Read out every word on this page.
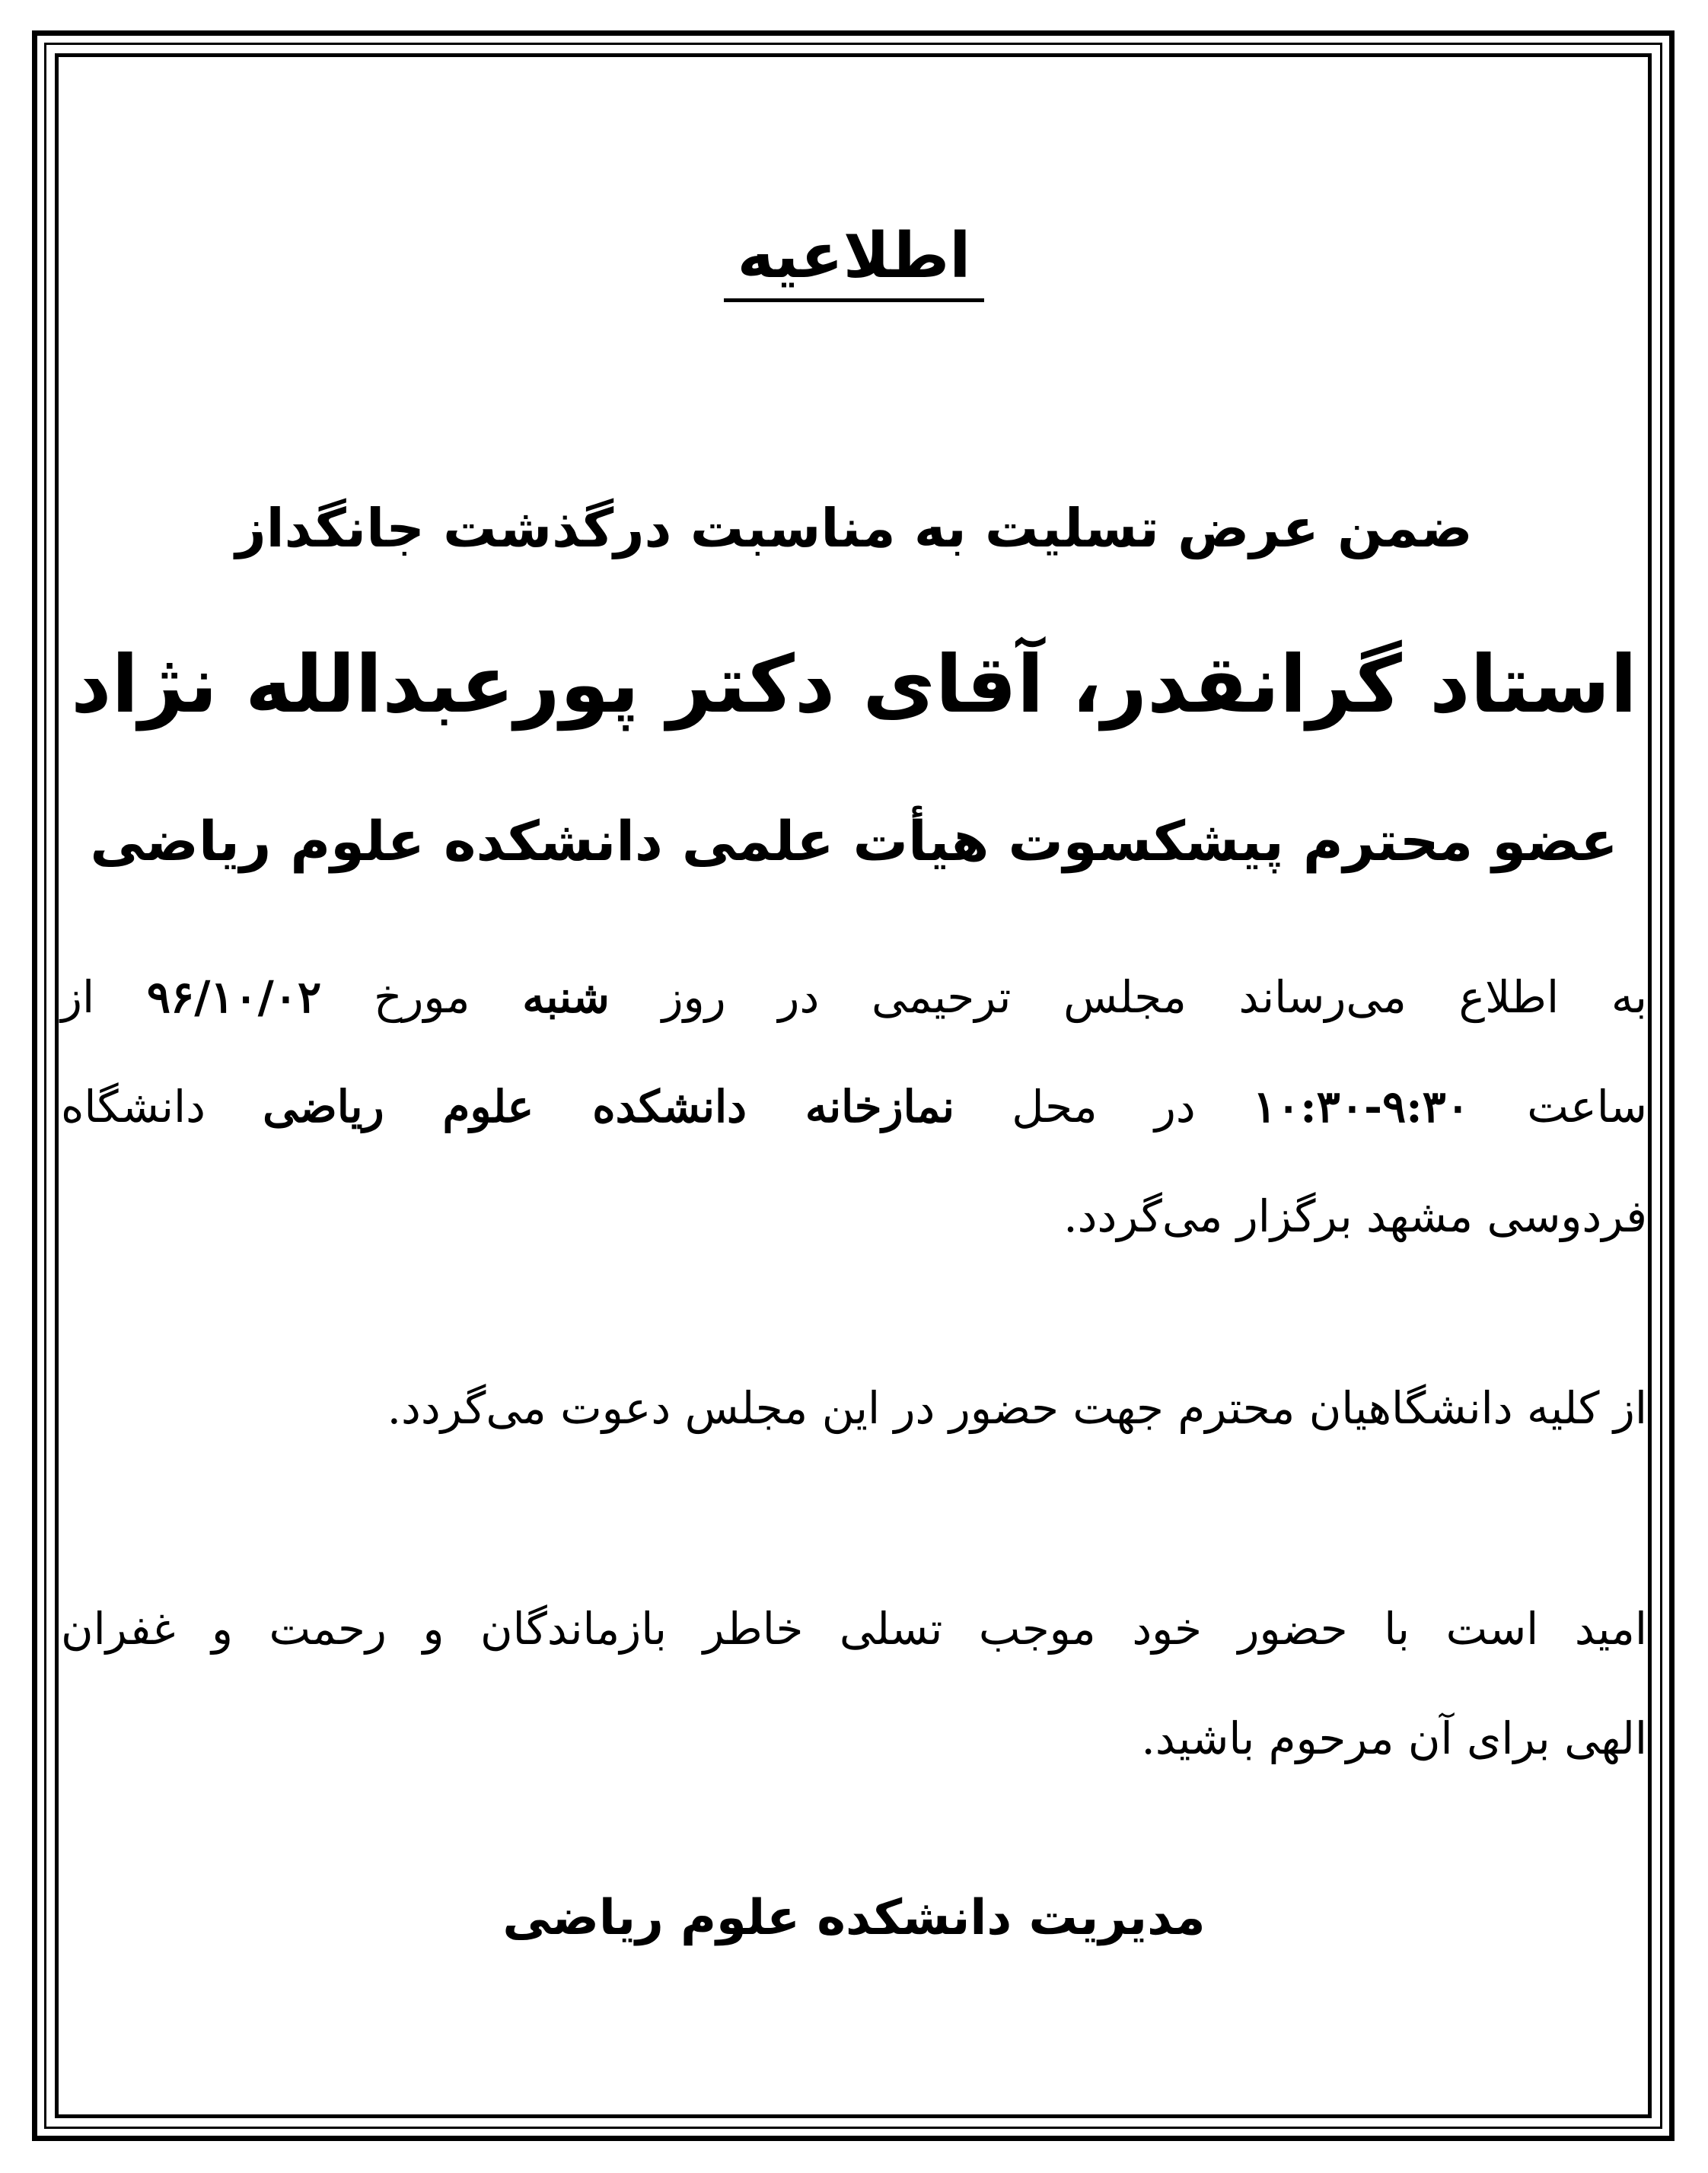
اطلاعیه
ضمن عرض تسلیت به مناسبت درگذشت جانگداز
استاد گرانقدر، آقای دکتر پورعبدالله نژاد
عضو محترم پیشکسوت هیأت علمی دانشکده علوم ریاضی
به اطلاع می‌رساند مجلس ترحیمی در روز شنبه مورخ ۹۶/۱۰/۰۲ از
ساعت ۹:۳۰-۱۰:۳۰ در محل نمازخانه دانشکده علوم ریاضی دانشگاه
فردوسی مشهد برگزار می‌گردد.
از کلیه دانشگاهیان محترم جهت حضور در این مجلس دعوت می‌گردد.
امید است با حضور خود موجب تسلی خاطر بازماندگان و رحمت و غفران
الهی برای آن مرحوم باشید.
مدیریت دانشکده علوم ریاضی
